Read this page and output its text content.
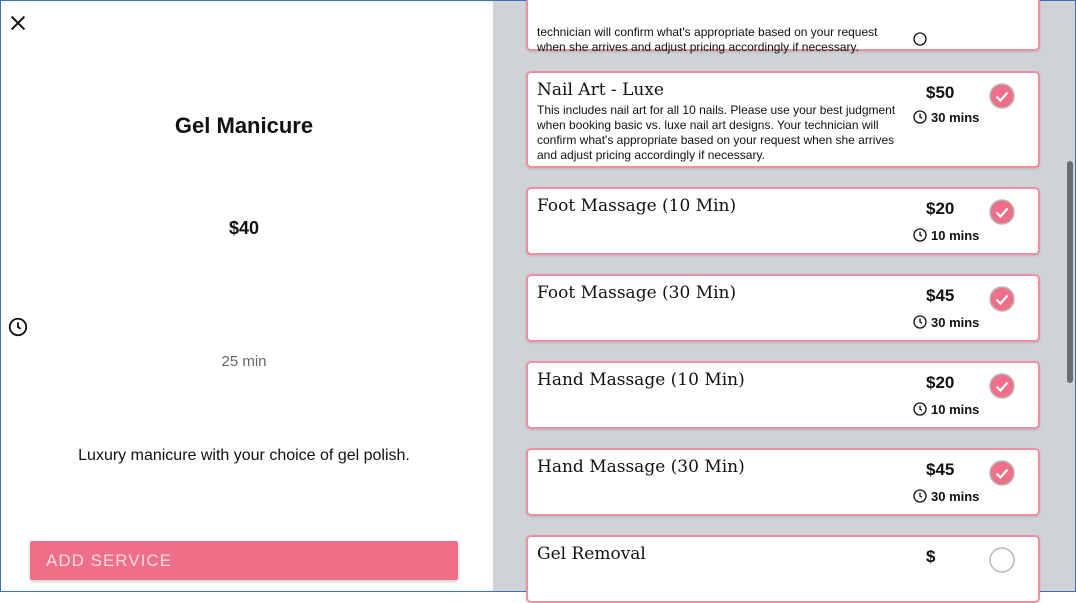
Gel Manicure
$40
25 min
Luxury manicure with your choice of gel polish.
ADD SERVICE
technician will confirm what's appropriate based on your request when she arrives and adjust pricing accordingly if necessary.
Nail Art - Luxe
This includes nail art for all 10 nails. Please use your best judgment when booking basic vs. luxe nail art designs. Your technician will confirm what's appropriate based on your request when she arrives and adjust pricing accordingly if necessary.
$50
30 mins
Foot Massage (10 Min)	$20
10 mins
Foot Massage (30 Min)	$45
30 mins
Hand Massage (10 Min)	$20
10 mins
Hand Massage (30 Min)	$45
30 mins
Gel Removal	$
